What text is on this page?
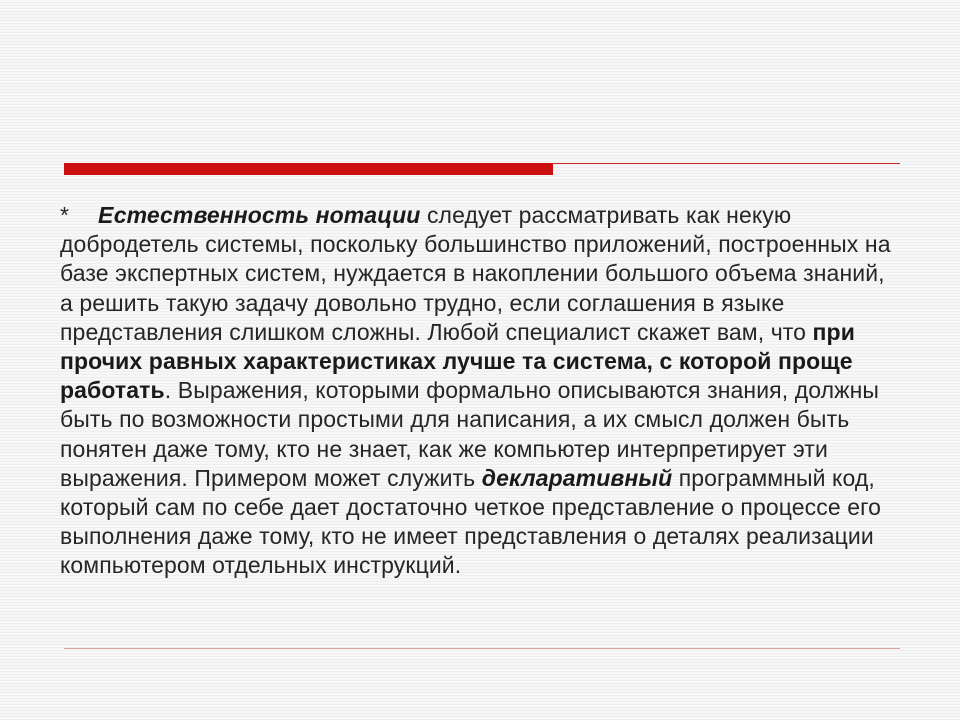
* Естественность нотации следует рассматривать как некую добродетель системы, поскольку большинство приложений, построенных на базе экспертных систем, нуждается в накоплении большого объема знаний, а решить такую задачу довольно трудно, если соглашения в языке представления слишком сложны. Любой специалист скажет вам, что при прочих равных характеристиках лучше та система, с которой проще работать. Выражения, которыми формально описываются знания, должны быть по возможности простыми для написания, а их смысл должен быть понятен даже тому, кто не знает, как же компьютер интерпретирует эти выражения. Примером может служить декларативный программный код, который сам по себе дает достаточно четкое представление о процессе его выполнения даже тому, кто не имеет представления о деталях реализации компьютером отдельных инструкций.
